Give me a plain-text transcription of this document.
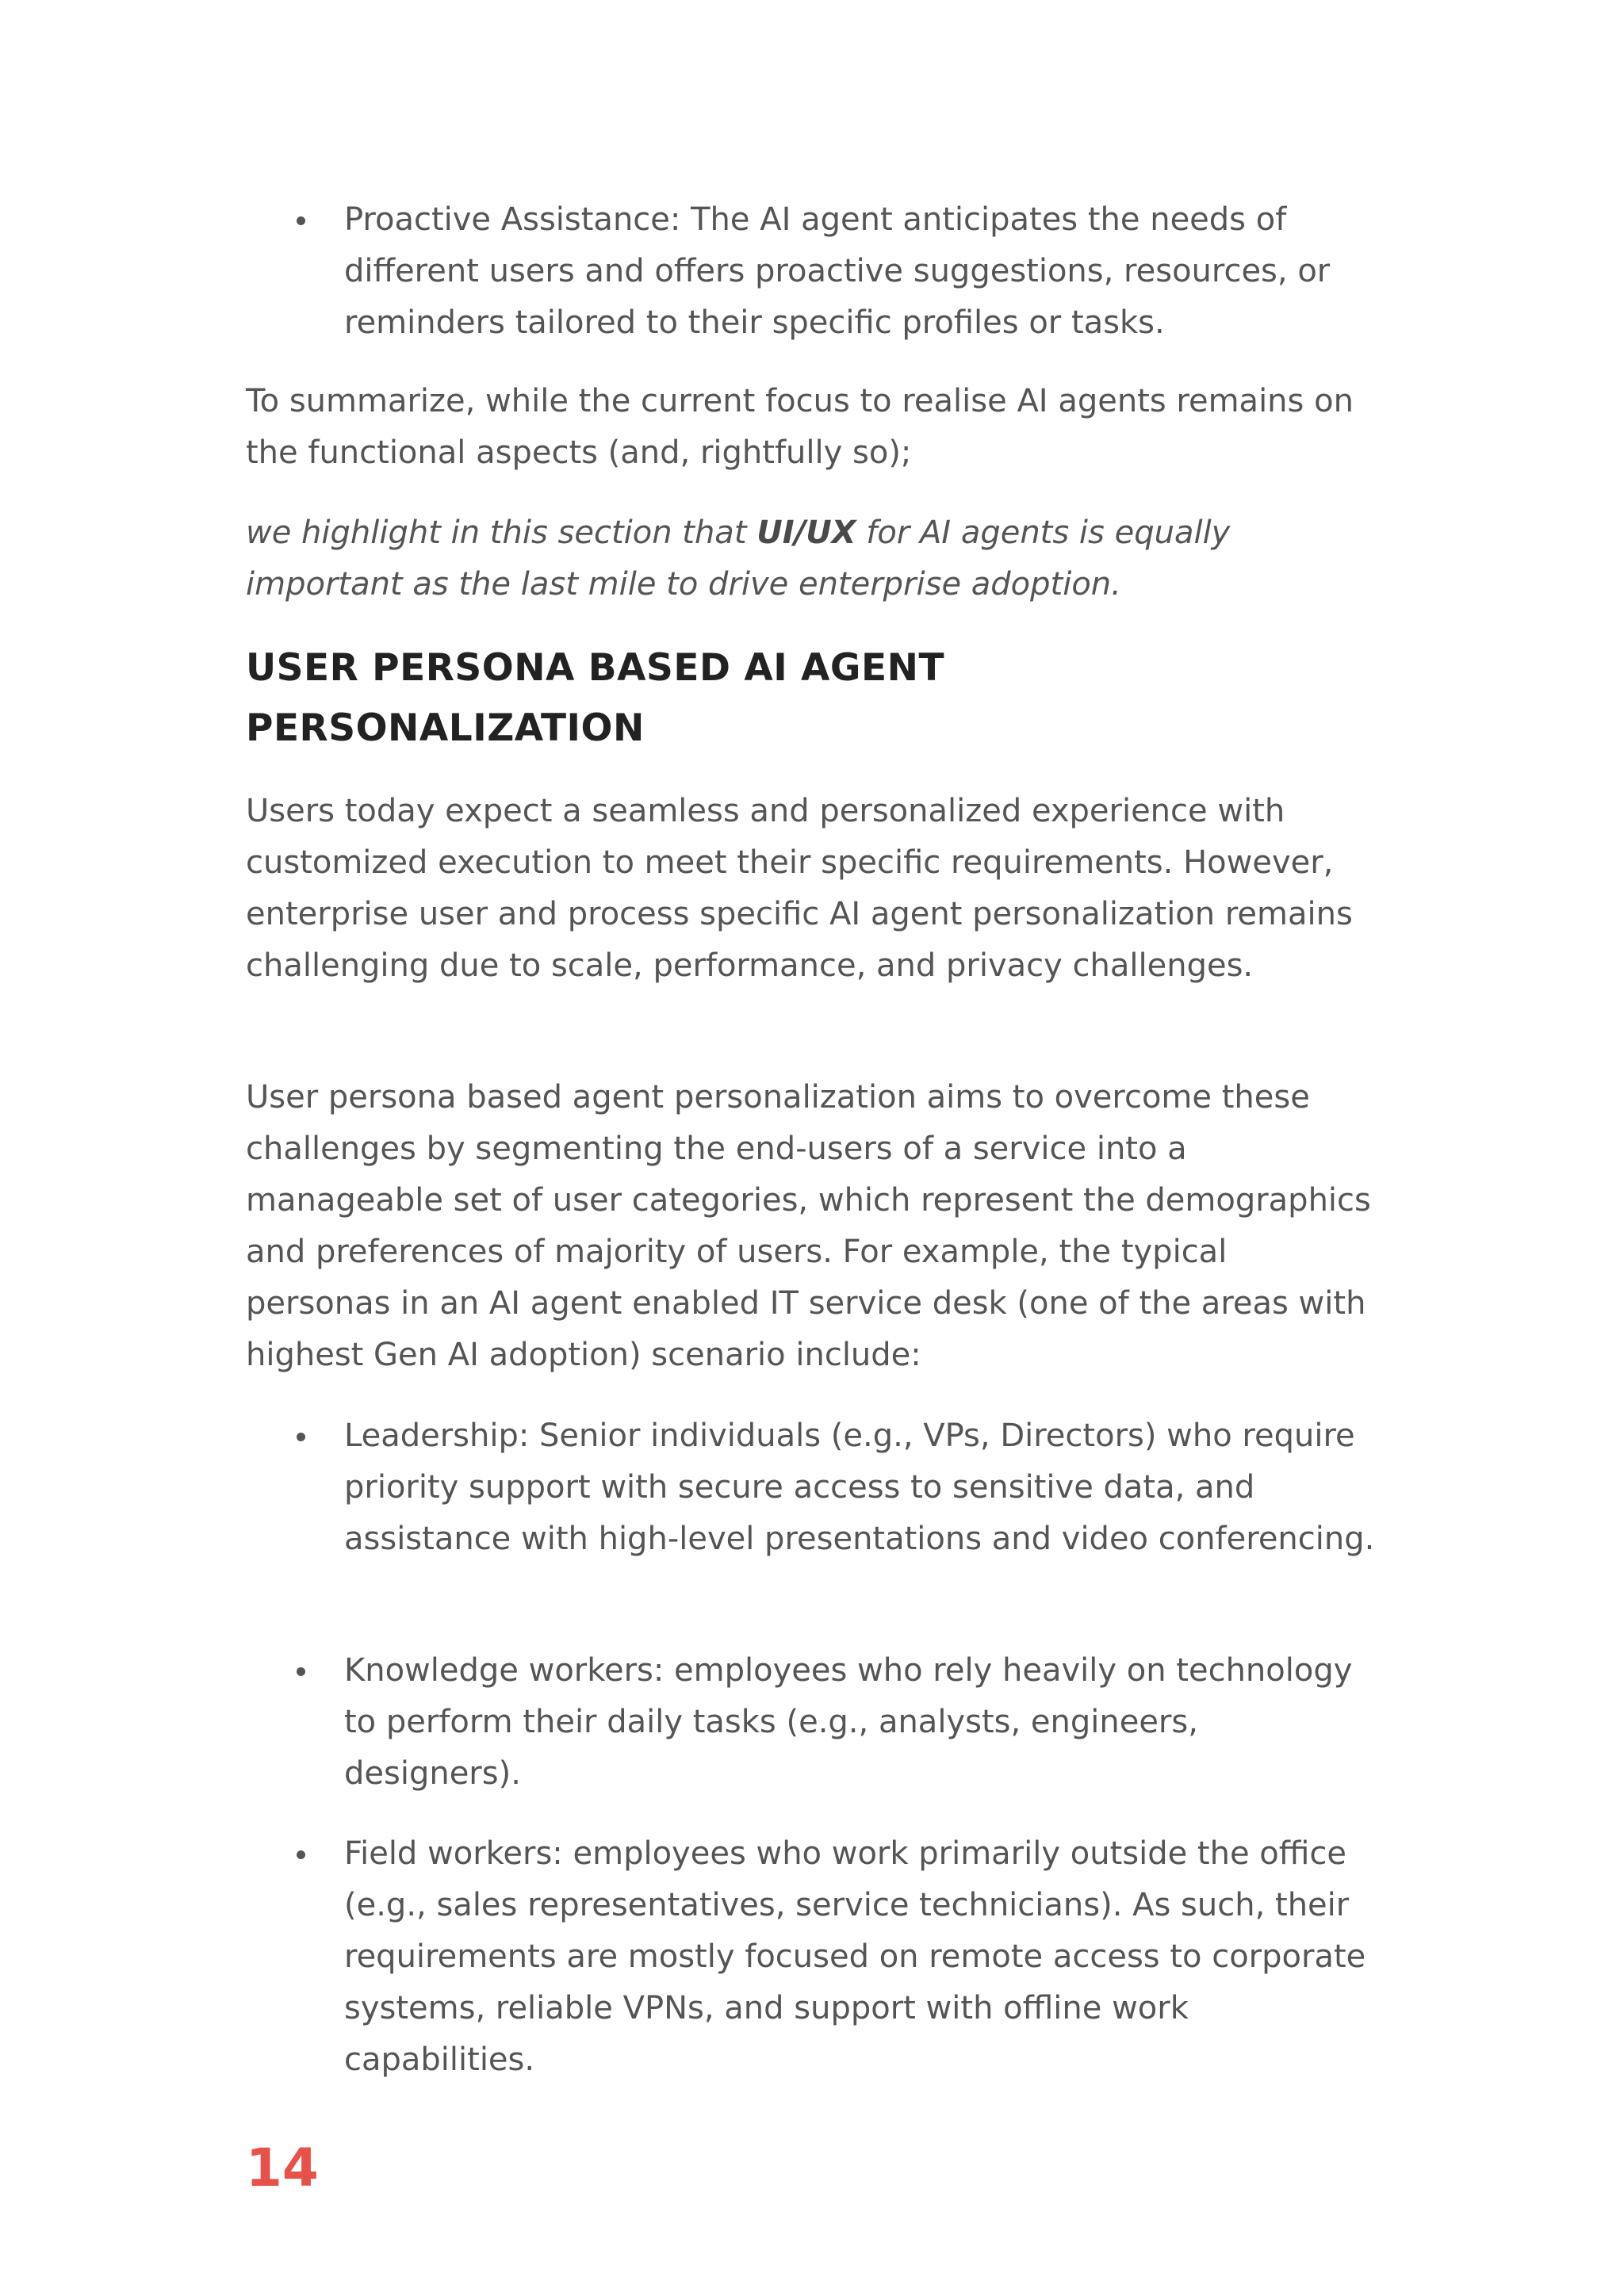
Proactive Assistance: The AI agent anticipates the needs of different users and offers proactive suggestions, resources, or reminders tailored to their specific profiles or tasks.

To summarize, while the current focus to realise AI agents remains on the functional aspects (and, rightfully so);

we highlight in this section that UI/UX for AI agents is equally important as the last mile to drive enterprise adoption.

USER PERSONA BASED AI AGENT
PERSONALIZATION

Users today expect a seamless and personalized experience with customized execution to meet their specific requirements. However, enterprise user and process specific AI agent personalization remains challenging due to scale, performance, and privacy challenges.

User persona based agent personalization aims to overcome these challenges by segmenting the end-users of a service into a manageable set of user categories, which represent the demographics and preferences of majority of users. For example, the typical personas in an AI agent enabled IT service desk (one of the areas with highest Gen AI adoption) scenario include:

Leadership: Senior individuals (e.g., VPs, Directors) who require priority support with secure access to sensitive data, and assistance with high-level presentations and video conferencing.

Knowledge workers: employees who rely heavily on technology to perform their daily tasks (e.g., analysts, engineers, designers).

Field workers: employees who work primarily outside the office (e.g., sales representatives, service technicians). As such, their requirements are mostly focused on remote access to corporate systems, reliable VPNs, and support with offline work capabilities.

14
